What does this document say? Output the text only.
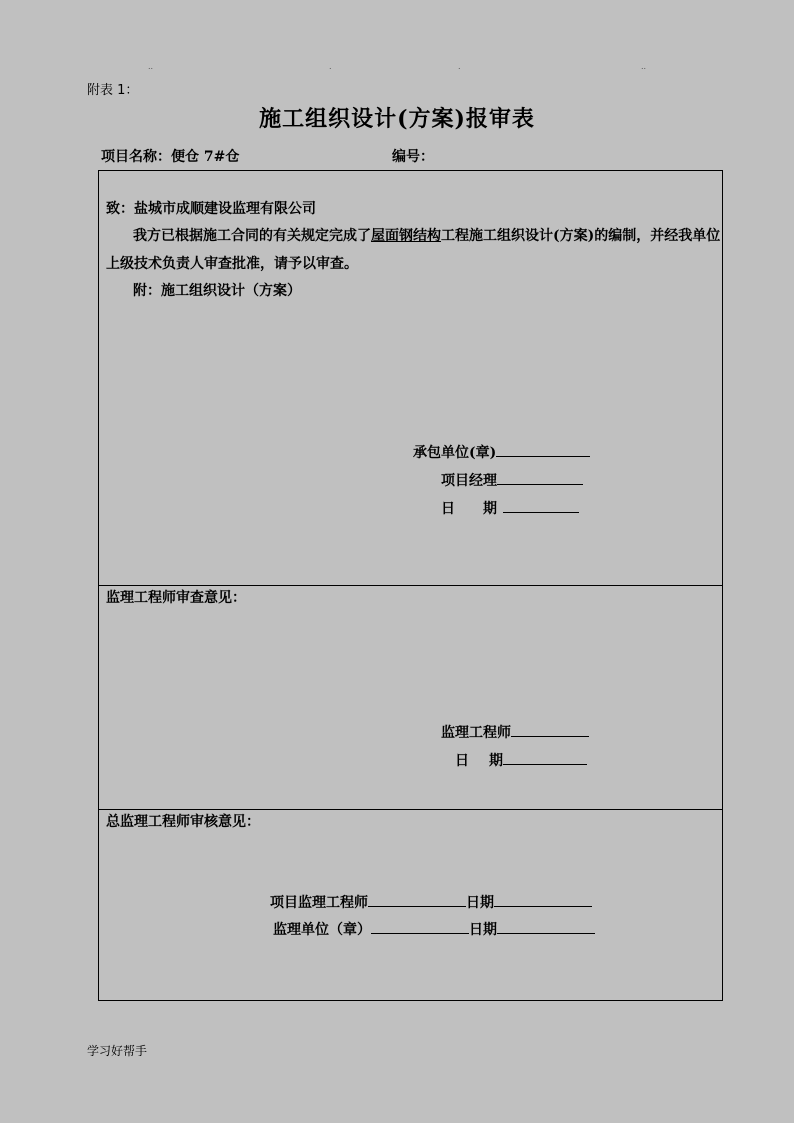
..	.	.	..
附表 1：
施工组织设计(方案)报审表
项目名称：便仓 7#仓	编号：
致：盐城市成顺建设监理有限公司
我方已根据施工合同的有关规定完成了屋面钢结构工程施工组织设计(方案)的编制，并经我单位
上级技术负责人审查批准，请予以审查。
附：施工组织设计（方案）
承包单位(章)
项目经理
日 期
监理工程师审查意见：
监理工程师
日 期
总监理工程师审核意见：
项目监理工程师	日期
监理单位（章）	日期
学习好帮手
